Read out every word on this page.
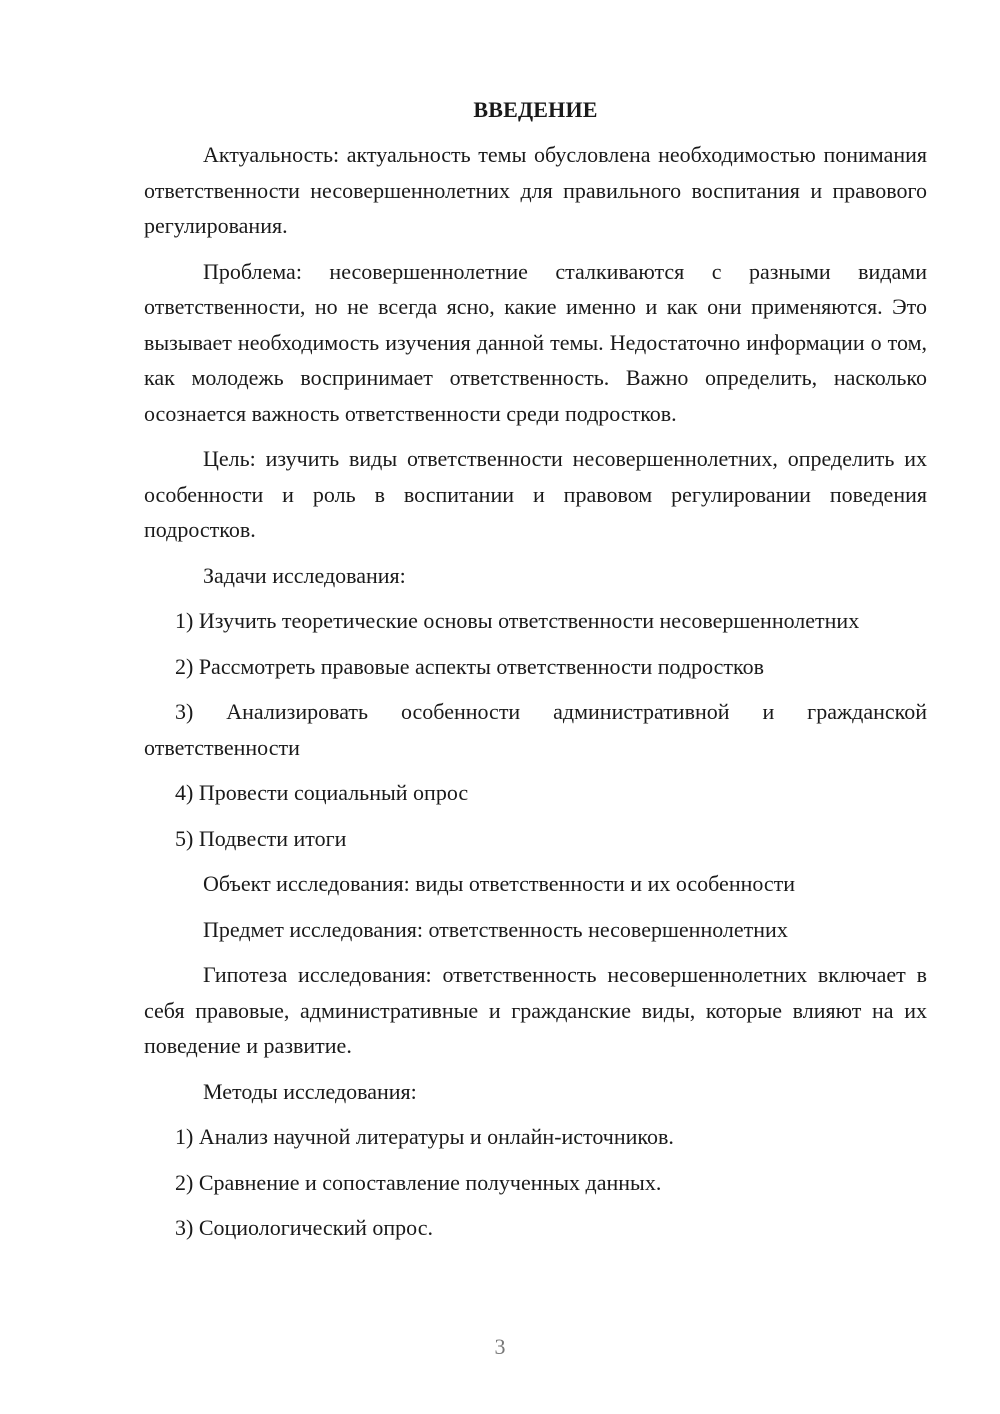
ВВЕДЕНИЕ

Актуальность: актуальность темы обусловлена необходимостью понимания ответственности несовершеннолетних для правильного воспитания и правового регулирования.

Проблема: несовершеннолетние сталкиваются с разными видами ответственности, но не всегда ясно, какие именно и как они применяются. Это вызывает необходимость изучения данной темы. Недостаточно информации о том, как молодежь воспринимает ответственность. Важно определить, насколько осознается важность ответственности среди подростков.

Цель: изучить виды ответственности несовершеннолетних, определить их особенности и роль в воспитании и правовом регулировании поведения подростков.

Задачи исследования:

1) Изучить теоретические основы ответственности несовершеннолетних

2) Рассмотреть правовые аспекты ответственности подростков

3) Анализировать особенности административной и гражданской ответственности

4) Провести социальный опрос

5) Подвести итоги

Объект исследования: виды ответственности и их особенности

Предмет исследования: ответственность несовершеннолетних

Гипотеза исследования: ответственность несовершеннолетних включает в себя правовые, административные и гражданские виды, которые влияют на их поведение и развитие.

Методы исследования:

1) Анализ научной литературы и онлайн-источников.

2) Сравнение и сопоставление полученных данных.

3) Социологический опрос.

3
